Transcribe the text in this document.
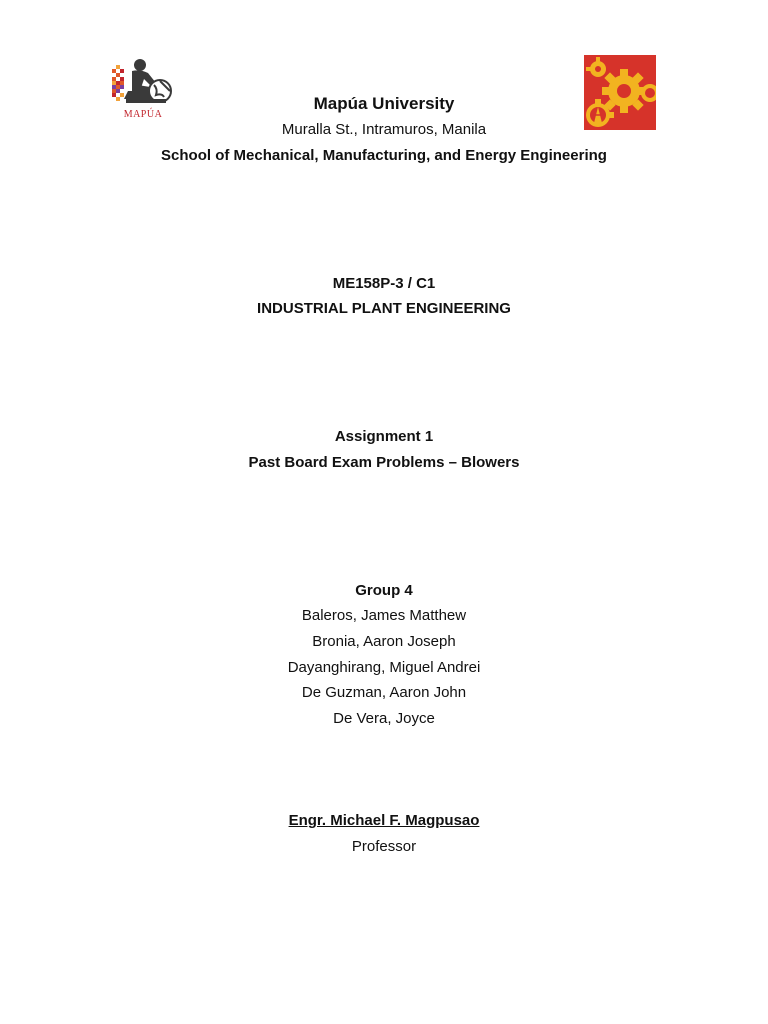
MAPÚA
Mapúa University
Muralla St., Intramuros, Manila
School of Mechanical, Manufacturing, and Energy Engineering
ME158P-3 / C1
INDUSTRIAL PLANT ENGINEERING
Assignment 1
Past Board Exam Problems – Blowers
Group 4
Baleros, James Matthew
Bronia, Aaron Joseph
Dayanghirang, Miguel Andrei
De Guzman, Aaron John
De Vera, Joyce
Engr. Michael F. Magpusao
Professor
